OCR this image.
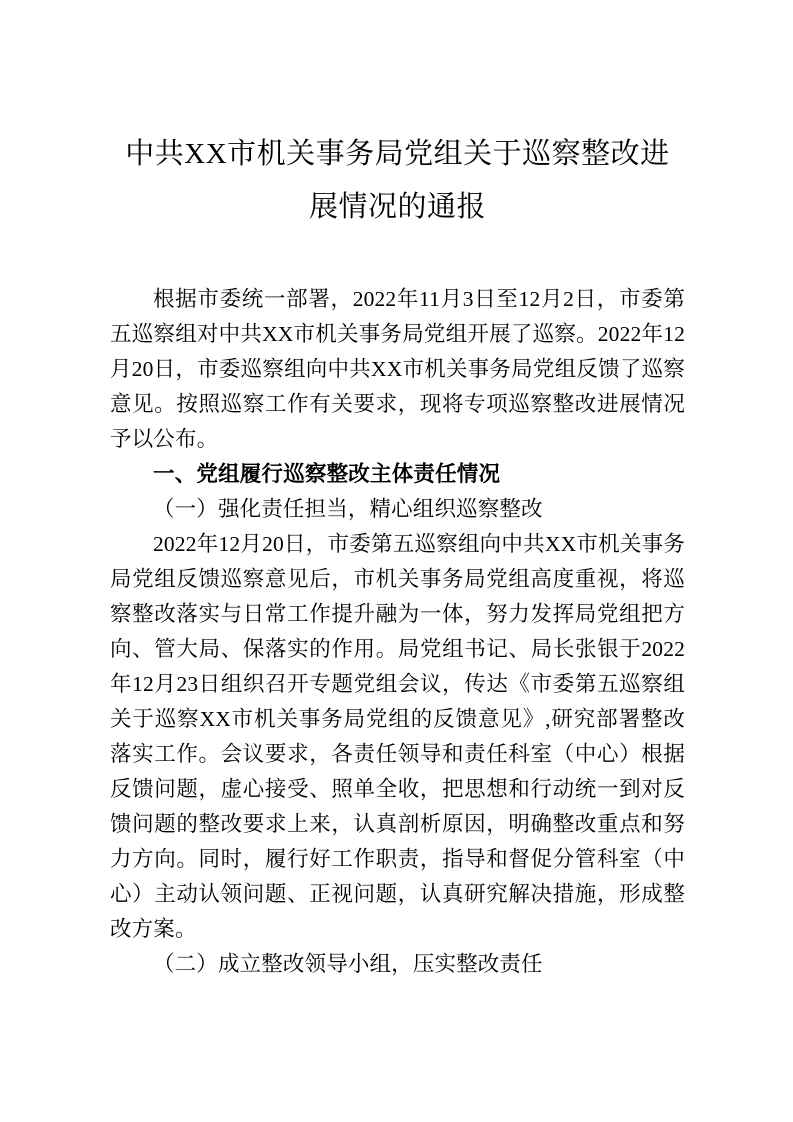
中共XX市机关事务局党组关于巡察整改进
展情况的通报

根据市委统一部署，2022年11月3日至12月2日，市委第五巡察组对中共XX市机关事务局党组开展了巡察。2022年12月20日，市委巡察组向中共XX市机关事务局党组反馈了巡察意见。按照巡察工作有关要求，现将专项巡察整改进展情况予以公布。

一、党组履行巡察整改主体责任情况

（一）强化责任担当，精心组织巡察整改

2022年12月20日，市委第五巡察组向中共XX市机关事务局党组反馈巡察意见后，市机关事务局党组高度重视，将巡察整改落实与日常工作提升融为一体，努力发挥局党组把方向、管大局、保落实的作用。局党组书记、局长张银于2022年12月23日组织召开专题党组会议，传达《市委第五巡察组关于巡察XX市机关事务局党组的反馈意见》,研究部署整改落实工作。会议要求，各责任领导和责任科室（中心）根据反馈问题，虚心接受、照单全收，把思想和行动统一到对反馈问题的整改要求上来，认真剖析原因，明确整改重点和努力方向。同时，履行好工作职责，指导和督促分管科室（中心）主动认领问题、正视问题，认真研究解决措施，形成整改方案。

（二）成立整改领导小组，压实整改责任
